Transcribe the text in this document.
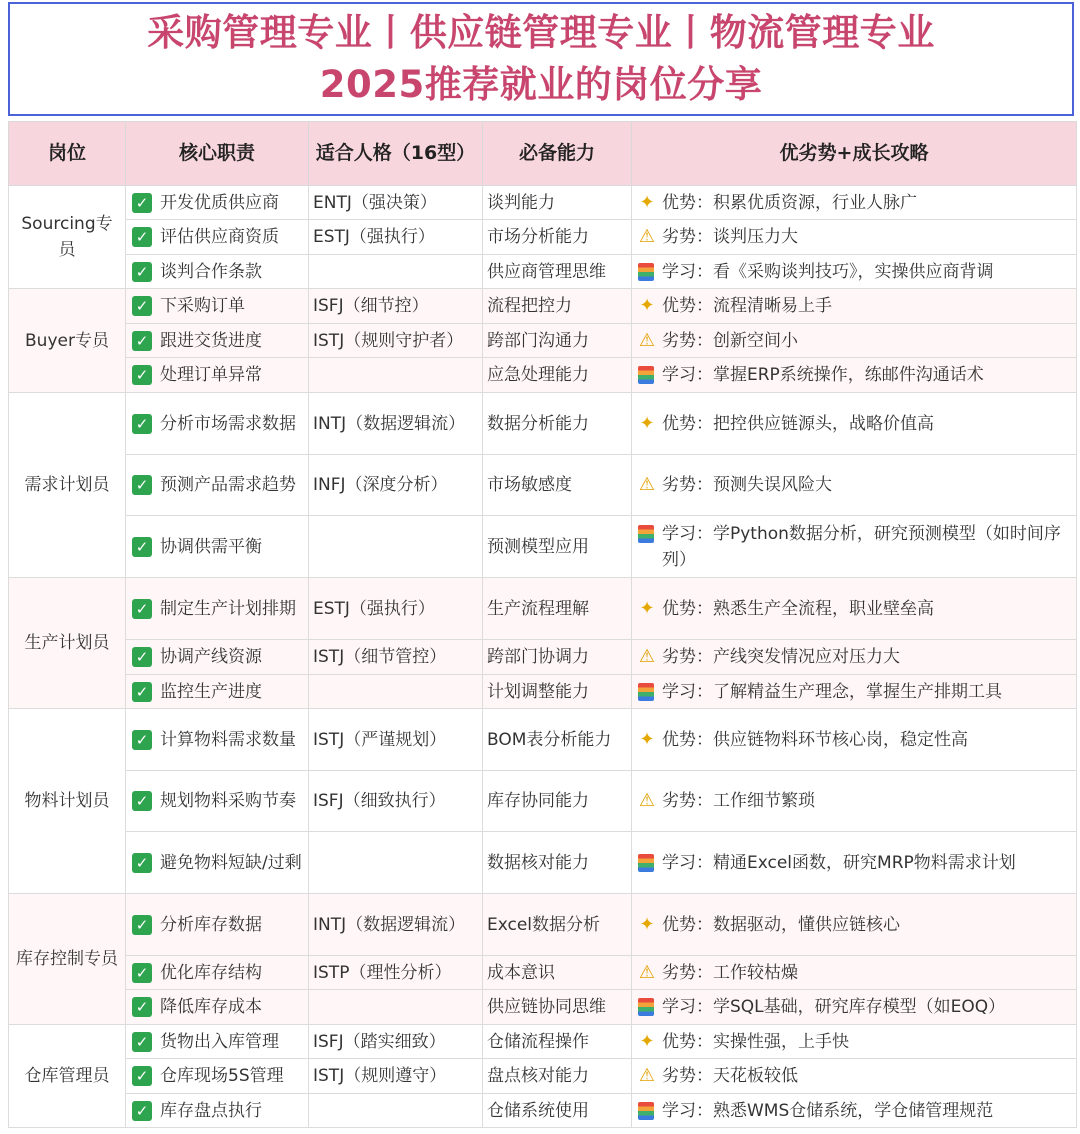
采购管理专业丨供应链管理专业丨物流管理专业
2025推荐就业的岗位分享
岗位	核心职责	适合人格（16型）	必备能力	优劣势+成长攻略
Sourcing专员	✓ 开发优质供应商	ENTJ（强决策）	谈判能力	✦ 优势：积累优质资源，行业人脉广

	✓ 评估供应商资质	ESTJ（强执行）	市场分析能力	⚠ 劣势：谈判压力大

	✓ 谈判合作条款		供应商管理思维	学习：看《采购谈判技巧》，实操供应商背调

Buyer专员	✓ 下采购订单	ISFJ（细节控）	流程把控力	✦ 优势：流程清晰易上手

	✓ 跟进交货进度	ISTJ（规则守护者）	跨部门沟通力	⚠ 劣势：创新空间小

	✓ 处理订单异常		应急处理能力	学习：掌握ERP系统操作，练邮件沟通话术

需求计划员	✓ 分析市场需求数据	INTJ（数据逻辑流）	数据分析能力	✦ 优势：把控供应链源头，战略价值高

	✓ 预测产品需求趋势	INFJ（深度分析）	市场敏感度	⚠ 劣势：预测失误风险大

	✓ 协调供需平衡		预测模型应用	学习：学Python数据分析，研究预测模型（如时间序列）

生产计划员	✓ 制定生产计划排期	ESTJ（强执行）	生产流程理解	✦ 优势：熟悉生产全流程，职业壁垒高

	✓ 协调产线资源	ISTJ（细节管控）	跨部门协调力	⚠ 劣势：产线突发情况应对压力大

	✓ 监控生产进度		计划调整能力	学习：了解精益生产理念，掌握生产排期工具

物料计划员	✓ 计算物料需求数量	ISTJ（严谨规划）	BOM表分析能力	✦ 优势：供应链物料环节核心岗，稳定性高

	✓ 规划物料采购节奏	ISFJ（细致执行）	库存协同能力	⚠ 劣势：工作细节繁琐

	✓ 避免物料短缺/过剩		数据核对能力	学习：精通Excel函数，研究MRP物料需求计划

库存控制专员	✓ 分析库存数据	INTJ（数据逻辑流）	Excel数据分析	✦ 优势：数据驱动，懂供应链核心

	✓ 优化库存结构	ISTP（理性分析）	成本意识	⚠ 劣势：工作较枯燥

	✓ 降低库存成本		供应链协同思维	学习：学SQL基础，研究库存模型（如EOQ）

仓库管理员	✓ 货物出入库管理	ISFJ（踏实细致）	仓储流程操作	✦ 优势：实操性强，上手快

	✓ 仓库现场5S管理	ISTJ（规则遵守）	盘点核对能力	⚠ 劣势：天花板较低

	✓ 库存盘点执行		仓储系统使用	学习：熟悉WMS仓储系统，学仓储管理规范
